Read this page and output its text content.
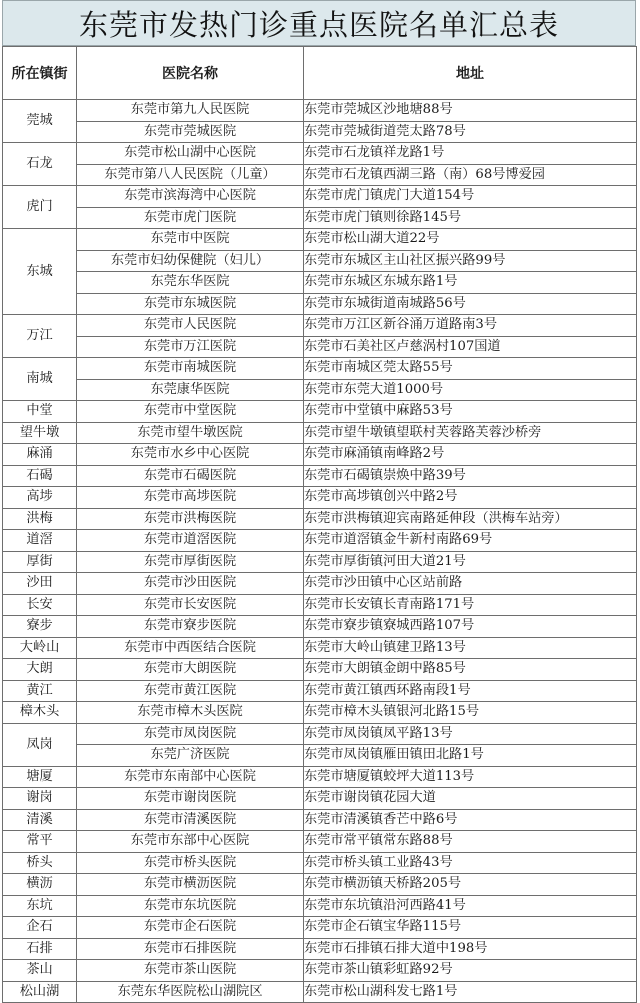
东莞市发热门诊重点医院名单汇总表
所在镇街	医院名称	地址
莞城	东莞市第九人民医院	东莞市莞城区沙地塘88号
	东莞市莞城医院	东莞市莞城街道莞太路78号
石龙	东莞市松山湖中心医院	东莞市石龙镇祥龙路1号
	东莞市第八人民医院（儿童）	东莞市石龙镇西湖三路（南）68号博爱园
虎门	东莞市滨海湾中心医院	东莞市虎门镇虎门大道154号
	东莞市虎门医院	东莞市虎门镇则徐路145号
东城	东莞市中医院	东莞市松山湖大道22号
	东莞市妇幼保健院（妇儿）	东莞市东城区主山社区振兴路99号
	东莞东华医院	东莞市东城区东城东路1号
	东莞市东城医院	东莞市东城街道南城路56号
万江	东莞市人民医院	东莞市万江区新谷涌万道路南3号
	东莞市万江医院	东莞市石美社区卢慈涡村107国道
南城	东莞市南城医院	东莞市南城区莞太路55号
	东莞康华医院	东莞市东莞大道1000号
中堂	东莞市中堂医院	东莞市中堂镇中麻路53号
望牛墩	东莞市望牛墩医院	东莞市望牛墩镇望联村芙蓉路芙蓉沙桥旁
麻涌	东莞市水乡中心医院	东莞市麻涌镇南峰路2号
石碣	东莞市石碣医院	东莞市石碣镇崇焕中路39号
高埗	东莞市高埗医院	东莞市高埗镇创兴中路2号
洪梅	东莞市洪梅医院	东莞市洪梅镇迎宾南路延伸段（洪梅车站旁）
道滘	东莞市道滘医院	东莞市道滘镇金牛新村南路69号
厚街	东莞市厚街医院	东莞市厚街镇河田大道21号
沙田	东莞市沙田医院	东莞市沙田镇中心区站前路
长安	东莞市长安医院	东莞市长安镇长青南路171号
寮步	东莞市寮步医院	东莞市寮步镇寮城西路107号
大岭山	东莞市中西医结合医院	东莞市大岭山镇建卫路13号
大朗	东莞市大朗医院	东莞市大朗镇金朗中路85号
黄江	东莞市黄江医院	东莞市黄江镇西环路南段1号
樟木头	东莞市樟木头医院	东莞市樟木头镇银河北路15号
凤岗	东莞市凤岗医院	东莞市凤岗镇凤平路13号
	东莞广济医院	东莞市凤岗镇雁田镇田北路1号
塘厦	东莞市东南部中心医院	东莞市塘厦镇蛟坪大道113号
谢岗	东莞市谢岗医院	东莞市谢岗镇花园大道
清溪	东莞市清溪医院	东莞市清溪镇香芒中路6号
常平	东莞市东部中心医院	东莞市常平镇常东路88号
桥头	东莞市桥头医院	东莞市桥头镇工业路43号
横沥	东莞市横沥医院	东莞市横沥镇天桥路205号
东坑	东莞市东坑医院	东莞市东坑镇沿河西路41号
企石	东莞市企石医院	东莞市企石镇宝华路115号
石排	东莞市石排医院	东莞市石排镇石排大道中198号
茶山	东莞市茶山医院	东莞市茶山镇彩虹路92号
松山湖	东莞东华医院松山湖院区	东莞市松山湖科发七路1号
